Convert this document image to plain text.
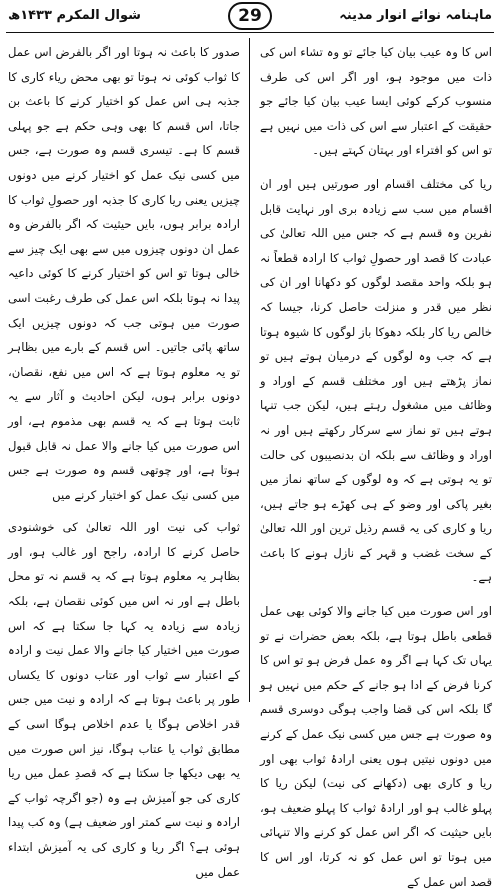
شوال المکرم ۱۴۳۳ھ	29	ماہنامہ نوائے انوار مدینہ

اس کا وہ عیب بیان کیا جائے تو وہ تشاء اس کی ذات میں موجود ہو، اور اگر اس کی طرف منسوب کرکے کوئی ایسا عیب بیان کیا جائے جو حقیقت کے اعتبار سے اس کی ذات میں نہیں ہے تو اس کو افتراء اور بہتان کہتے ہیں۔

ریا کی مختلف اقسام اور صورتیں ہیں اور ان اقسام میں سب سے زیادہ بری اور نہایت قابل نفرین وہ قسم ہے کہ جس میں اللہ تعالیٰ کی عبادت کا قصد اور حصولِ ثواب کا ارادہ قطعاً نہ ہو بلکہ واحد مقصد لوگوں کو دکھانا اور ان کی نظر میں قدر و منزلت حاصل کرنا، جیسا کہ خالص ریا کار بلکہ دھوکا باز لوگوں کا شیوہ ہوتا ہے کہ جب وہ لوگوں کے درمیان ہوتے ہیں تو نماز پڑھتے ہیں اور مختلف قسم کے اوراد و وظائف میں مشغول رہتے ہیں، لیکن جب تنہا ہوتے ہیں تو نماز سے سرکار رکھتے ہیں اور نہ اوراد و وظائف سے بلکہ ان بدنصیبوں کی حالت تو یہ ہوتی ہے کہ وہ لوگوں کے ساتھ نماز میں بغیر پاکی اور وضو کے ہی کھڑے ہو جاتے ہیں، ریا و کاری کی یہ قسم رذیل ترین اور اللہ تعالیٰ کے سخت غضب و قہر کے نازل ہونے کا باعث ہے۔

اور اس صورت میں کیا جانے والا کوئی بھی عمل قطعی باطل ہوتا ہے، بلکہ بعض حضرات نے تو یہاں تک کہا ہے اگر وہ عمل فرض ہو تو اس کا کرنا فرض کے ادا ہو جانے کے حکم میں نہیں ہو گا بلکہ اس کی قضا واجب ہوگی دوسری قسم وہ صورت ہے جس میں کسی نیک عمل کے کرنے میں دونوں نیتیں ہوں یعنی ارادۂ ثواب بھی اور ریا و کاری بھی (دکھانے کی نیت) لیکن ریا کا پہلو غالب ہو اور ارادۂ ثواب کا پہلو ضعیف ہو، بایں حیثیت کہ اگر اس عمل کو کرنے والا تنہائی میں ہوتا تو اس عمل کو نہ کرتا، اور اس کا قصد اس عمل کے

صدور کا باعث نہ ہوتا اور اگر بالفرض اس عمل کا ثواب کوئی نہ ہوتا تو بھی محض ریاء کاری کا جذبہ ہی اس عمل کو اختیار کرنے کا باعث بن جاتا، اس قسم کا بھی وہی حکم ہے جو پہلی قسم کا ہے۔ تیسری قسم وہ صورت ہے، جس میں کسی نیک عمل کو اختیار کرنے میں دونوں چیزیں یعنی ریا کاری کا جذبہ اور حصولِ ثواب کا ارادہ برابر ہوں، بایں حیثیت کہ اگر بالفرض وہ عمل ان دونوں چیزوں میں سے بھی ایک چیز سے خالی ہوتا تو اس کو اختیار کرنے کا کوئی داعیہ پیدا نہ ہوتا بلکہ اس عمل کی طرف رغبت اسی صورت میں ہوتی جب کہ دونوں چیزیں ایک ساتھ پائی جاتیں۔ اس قسم کے بارے میں بظاہر تو یہ معلوم ہوتا ہے کہ اس میں نفع، نقصان، دونوں برابر ہوں، لیکن احادیث و آثار سے یہ ثابت ہوتا ہے کہ یہ قسم بھی مذموم ہے، اور اس صورت میں کیا جانے والا عمل نہ قابل قبول ہوتا ہے، اور چوتھی قسم وہ صورت ہے جس میں کسی نیک عمل کو اختیار کرنے میں

ثواب کی نیت اور اللہ تعالیٰ کی خوشنودی حاصل کرنے کا ارادہ، راجح اور غالب ہو، اور بظاہر یہ معلوم ہوتا ہے کہ یہ قسم نہ تو محل باطل ہے اور نہ اس میں کوئی نقصان ہے، بلکہ زیادہ سے زیادہ یہ کہا جا سکتا ہے کہ اس صورت میں اختیار کیا جانے والا عمل نیت و ارادہ کے اعتبار سے ثواب اور عتاب دونوں کا یکساں طور پر باعث ہوتا ہے کہ ارادہ و نیت میں جس قدر اخلاص ہوگا یا عدم اخلاص ہوگا اسی کے مطابق ثواب یا عتاب ہوگا، نیز اس صورت میں یہ بھی دیکھا جا سکتا ہے کہ قصدِ عمل میں ریا کاری کی جو آمیزش ہے وہ (جو اگرچہ ثواب کے ارادہ و نیت سے کمتر اور ضعیف ہے) وہ کب پیدا ہوئی ہے؟ اگر ریا و کاری کی یہ آمیزش ابتداء عمل میں
